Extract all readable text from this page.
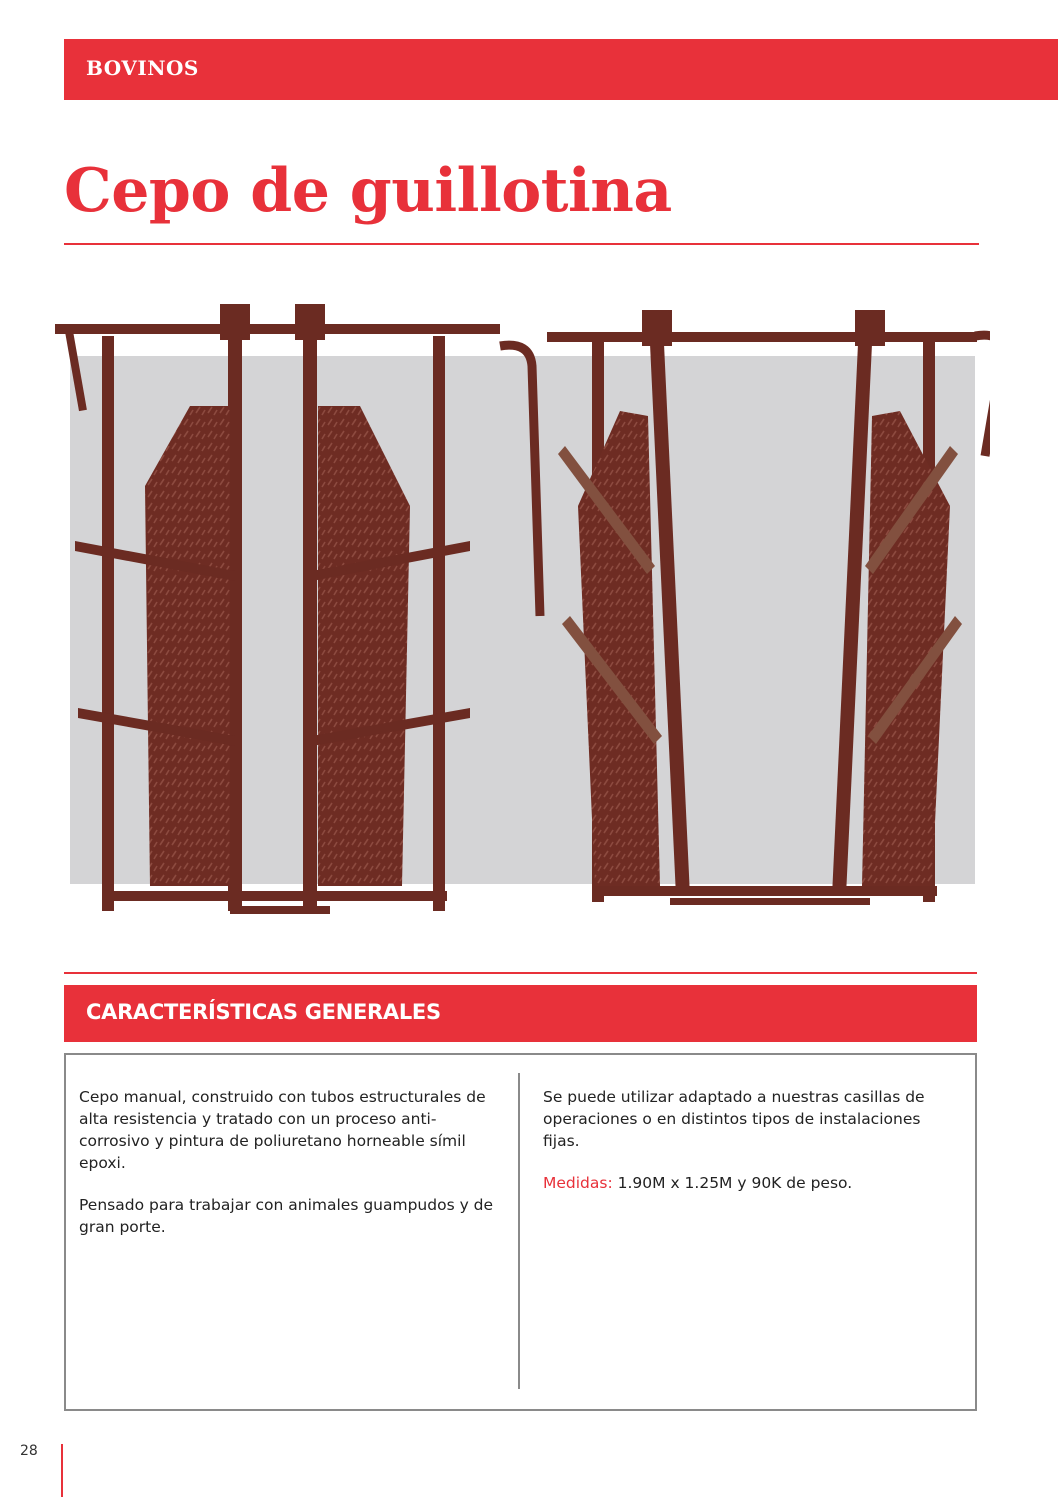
BOVINOS
Cepo de guillotina
CARACTERÍSTICAS GENERALES

Cepo manual, construido con tubos estructurales de alta resistencia y tratado con un proceso anti-corrosivo y pintura de poliuretano horneable símil epoxi.

Pensado para trabajar con animales guampudos y de gran porte.

Se puede utilizar adaptado a nuestras casillas de operaciones o en distintos tipos de instalaciones fijas.

Medidas: 1.90M x 1.25M y 90K de peso.

28
